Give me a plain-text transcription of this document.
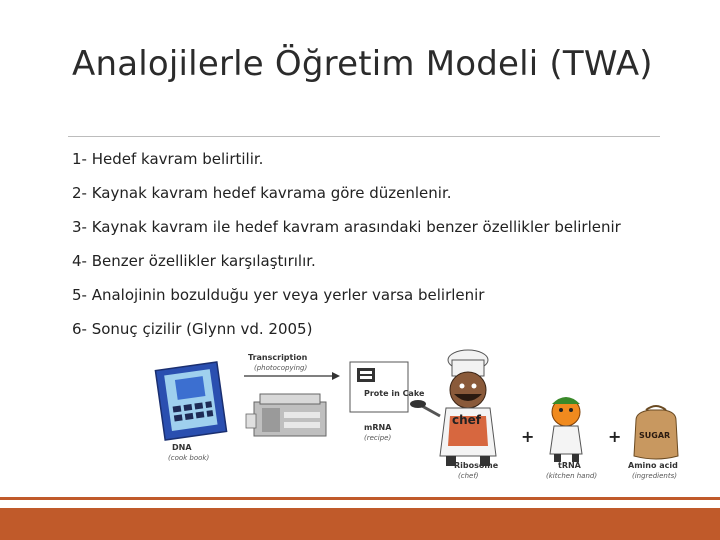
Analojilerle Öğretim Modeli (TWA)
1- Hedef kavram belirtilir.
2- Kaynak kavram hedef kavrama göre düzenlenir.
3- Kaynak kavram ile hedef kavram arasındaki benzer özellikler belirlenir
4- Benzer özellikler karşılaştırılır.
5- Analojinin bozulduğu yer veya yerler varsa belirlenir
6- Sonuç çizilir (Glynn vd. 2005)
DNA
(cook book)
Transcription
(photocopying)
Prote in Cake
mRNA
(recipe)
chef
Ribosome
(chef)
+
tRNA
(kitchen hand)
+ SUGAR
Amino acid
(ingredients)
